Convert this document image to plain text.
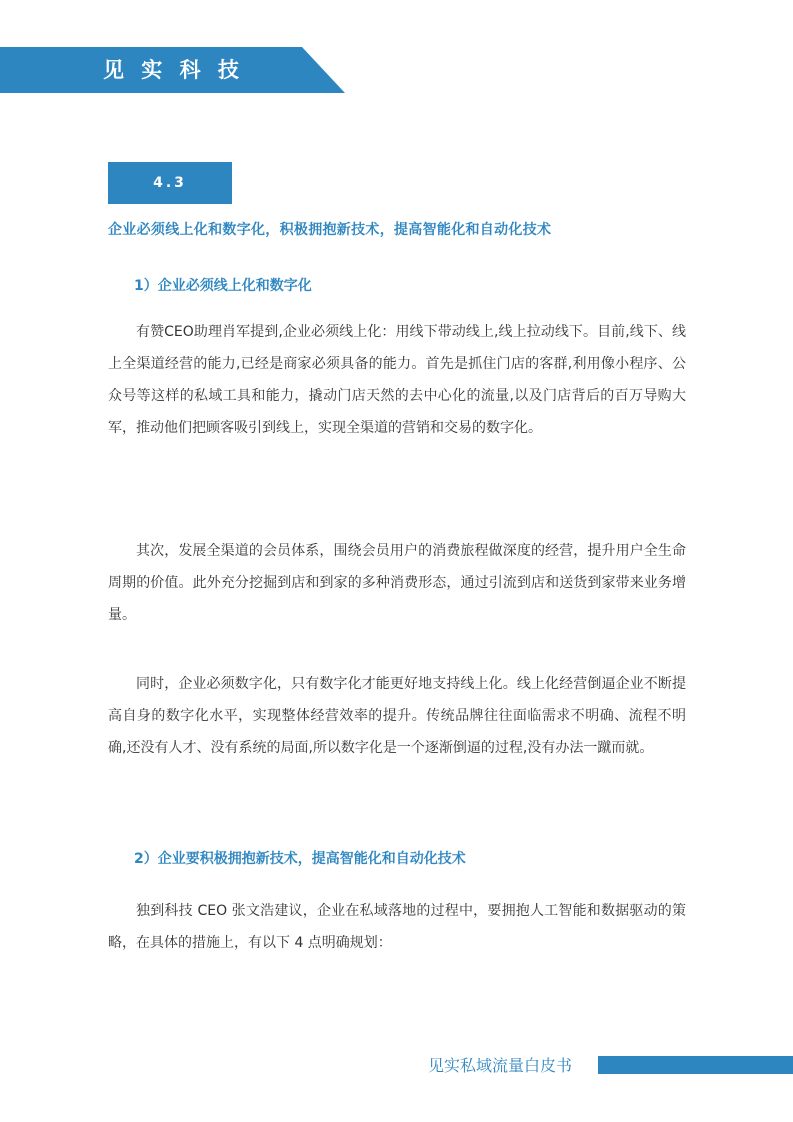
见 实 科 技
4.3
企业必须线上化和数字化，积极拥抱新技术，提高智能化和自动化技术
1）企业必须线上化和数字化

有赞CEO助理肖军提到,企业必须线上化：用线下带动线上,线上拉动线下。目前,线下、线上全渠道经营的能力,已经是商家必须具备的能力。首先是抓住门店的客群,利用像小程序、公众号等这样的私域工具和能力，撬动门店天然的去中心化的流量,以及门店背后的百万导购大军，推动他们把顾客吸引到线上，实现全渠道的营销和交易的数字化。

其次，发展全渠道的会员体系，围绕会员用户的消费旅程做深度的经营，提升用户全生命周期的价值。此外充分挖掘到店和到家的多种消费形态，通过引流到店和送货到家带来业务增量。

同时，企业必须数字化，只有数字化才能更好地支持线上化。线上化经营倒逼企业不断提高自身的数字化水平，实现整体经营效率的提升。传统品牌往往面临需求不明确、流程不明确,还没有人才、没有系统的局面,所以数字化是一个逐渐倒逼的过程,没有办法一蹴而就。

2）企业要积极拥抱新技术，提高智能化和自动化技术

独到科技 CEO 张文浩建议，企业在私域落地的过程中，要拥抱人工智能和数据驱动的策略，在具体的措施上，有以下 4 点明确规划：

见实私域流量白皮书
